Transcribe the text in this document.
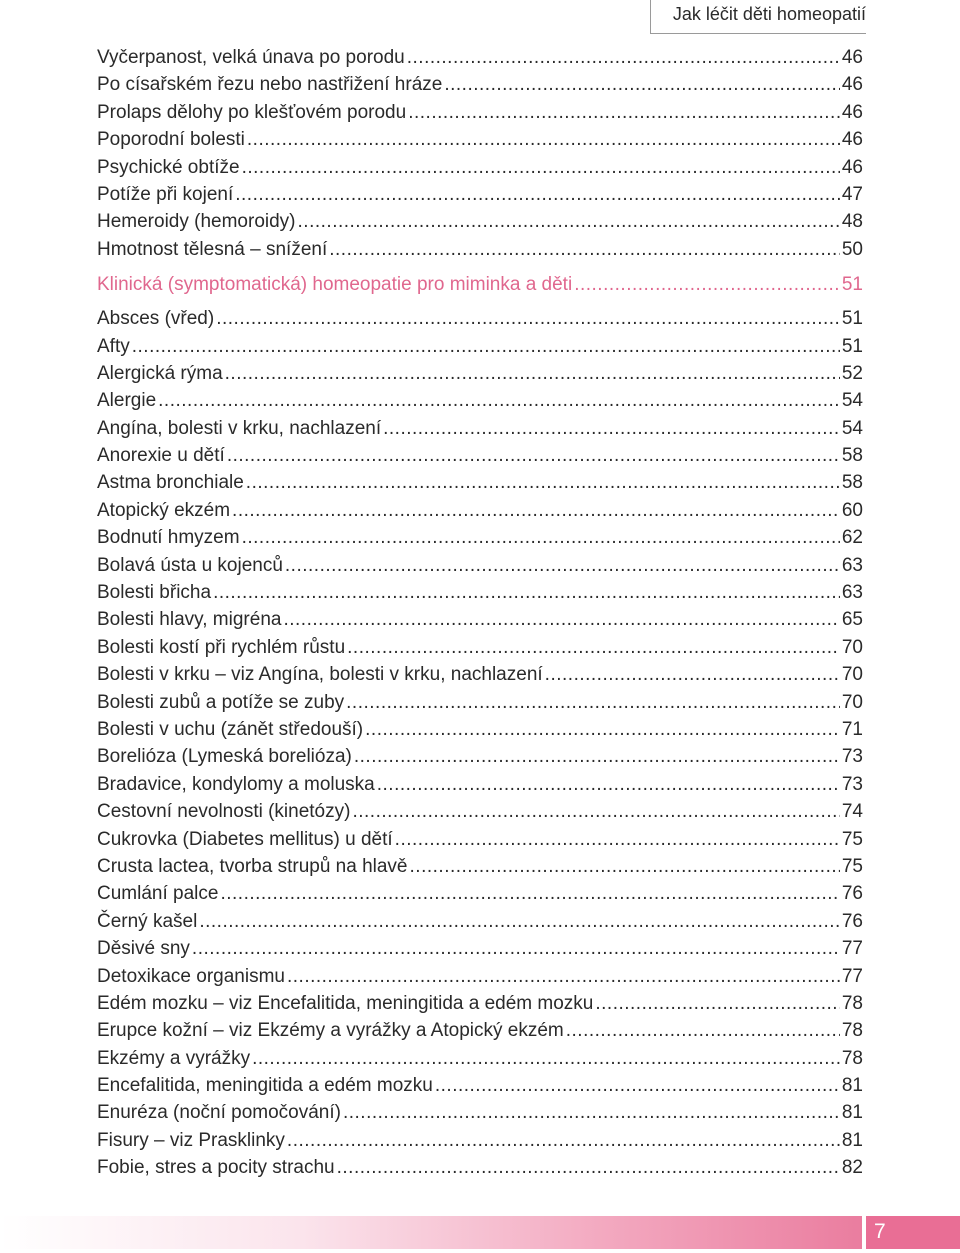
Jak léčit děti homeopatií
Vyčerpanost, velká únava po porodu .....	46
Po císařském řezu nebo nastřižení hráze .....	46
Prolaps dělohy po klešťovém porodu .....	46
Poporodní bolesti .....	46
Psychické obtíže .....	46
Potíže při kojení .....	47
Hemeroidy (hemoroidy) .....	48
Hmotnost tělesná – snížení .....	50
Klinická (symptomatická) homeopatie pro miminka a děti .....	51
Absces (vřed) .....	51
Afty .....	51
Alergická rýma .....	52
Alergie .....	54
Angína, bolesti v krku, nachlazení .....	54
Anorexie u dětí .....	58
Astma bronchiale .....	58
Atopický ekzém .....	60
Bodnutí hmyzem .....	62
Bolavá ústa u kojenců .....	63
Bolesti břicha .....	63
Bolesti hlavy, migréna .....	65
Bolesti kostí při rychlém růstu .....	70
Bolesti v krku – viz Angína, bolesti v krku, nachlazení .....	70
Bolesti zubů a potíže se zuby .....	70
Bolesti v uchu (zánět středouší) .....	71
Borelióza (Lymeská borelióza) .....	73
Bradavice, kondylomy a moluska .....	73
Cestovní nevolnosti (kinetózy) .....	74
Cukrovka (Diabetes mellitus) u dětí .....	75
Crusta lactea, tvorba strupů na hlavě .....	75
Cumlání palce .....	76
Černý kašel .....	76
Děsivé sny .....	77
Detoxikace organismu .....	77
Edém mozku – viz Encefalitida, meningitida a edém mozku .....	78
Erupce kožní – viz Ekzémy a vyrážky a Atopický ekzém .....	78
Ekzémy a vyrážky .....	78
Encefalitida, meningitida a edém mozku .....	81
Enuréza (noční pomočování) .....	81
Fisury – viz Prasklinky .....	81
Fobie, stres a pocity strachu .....	82
7
